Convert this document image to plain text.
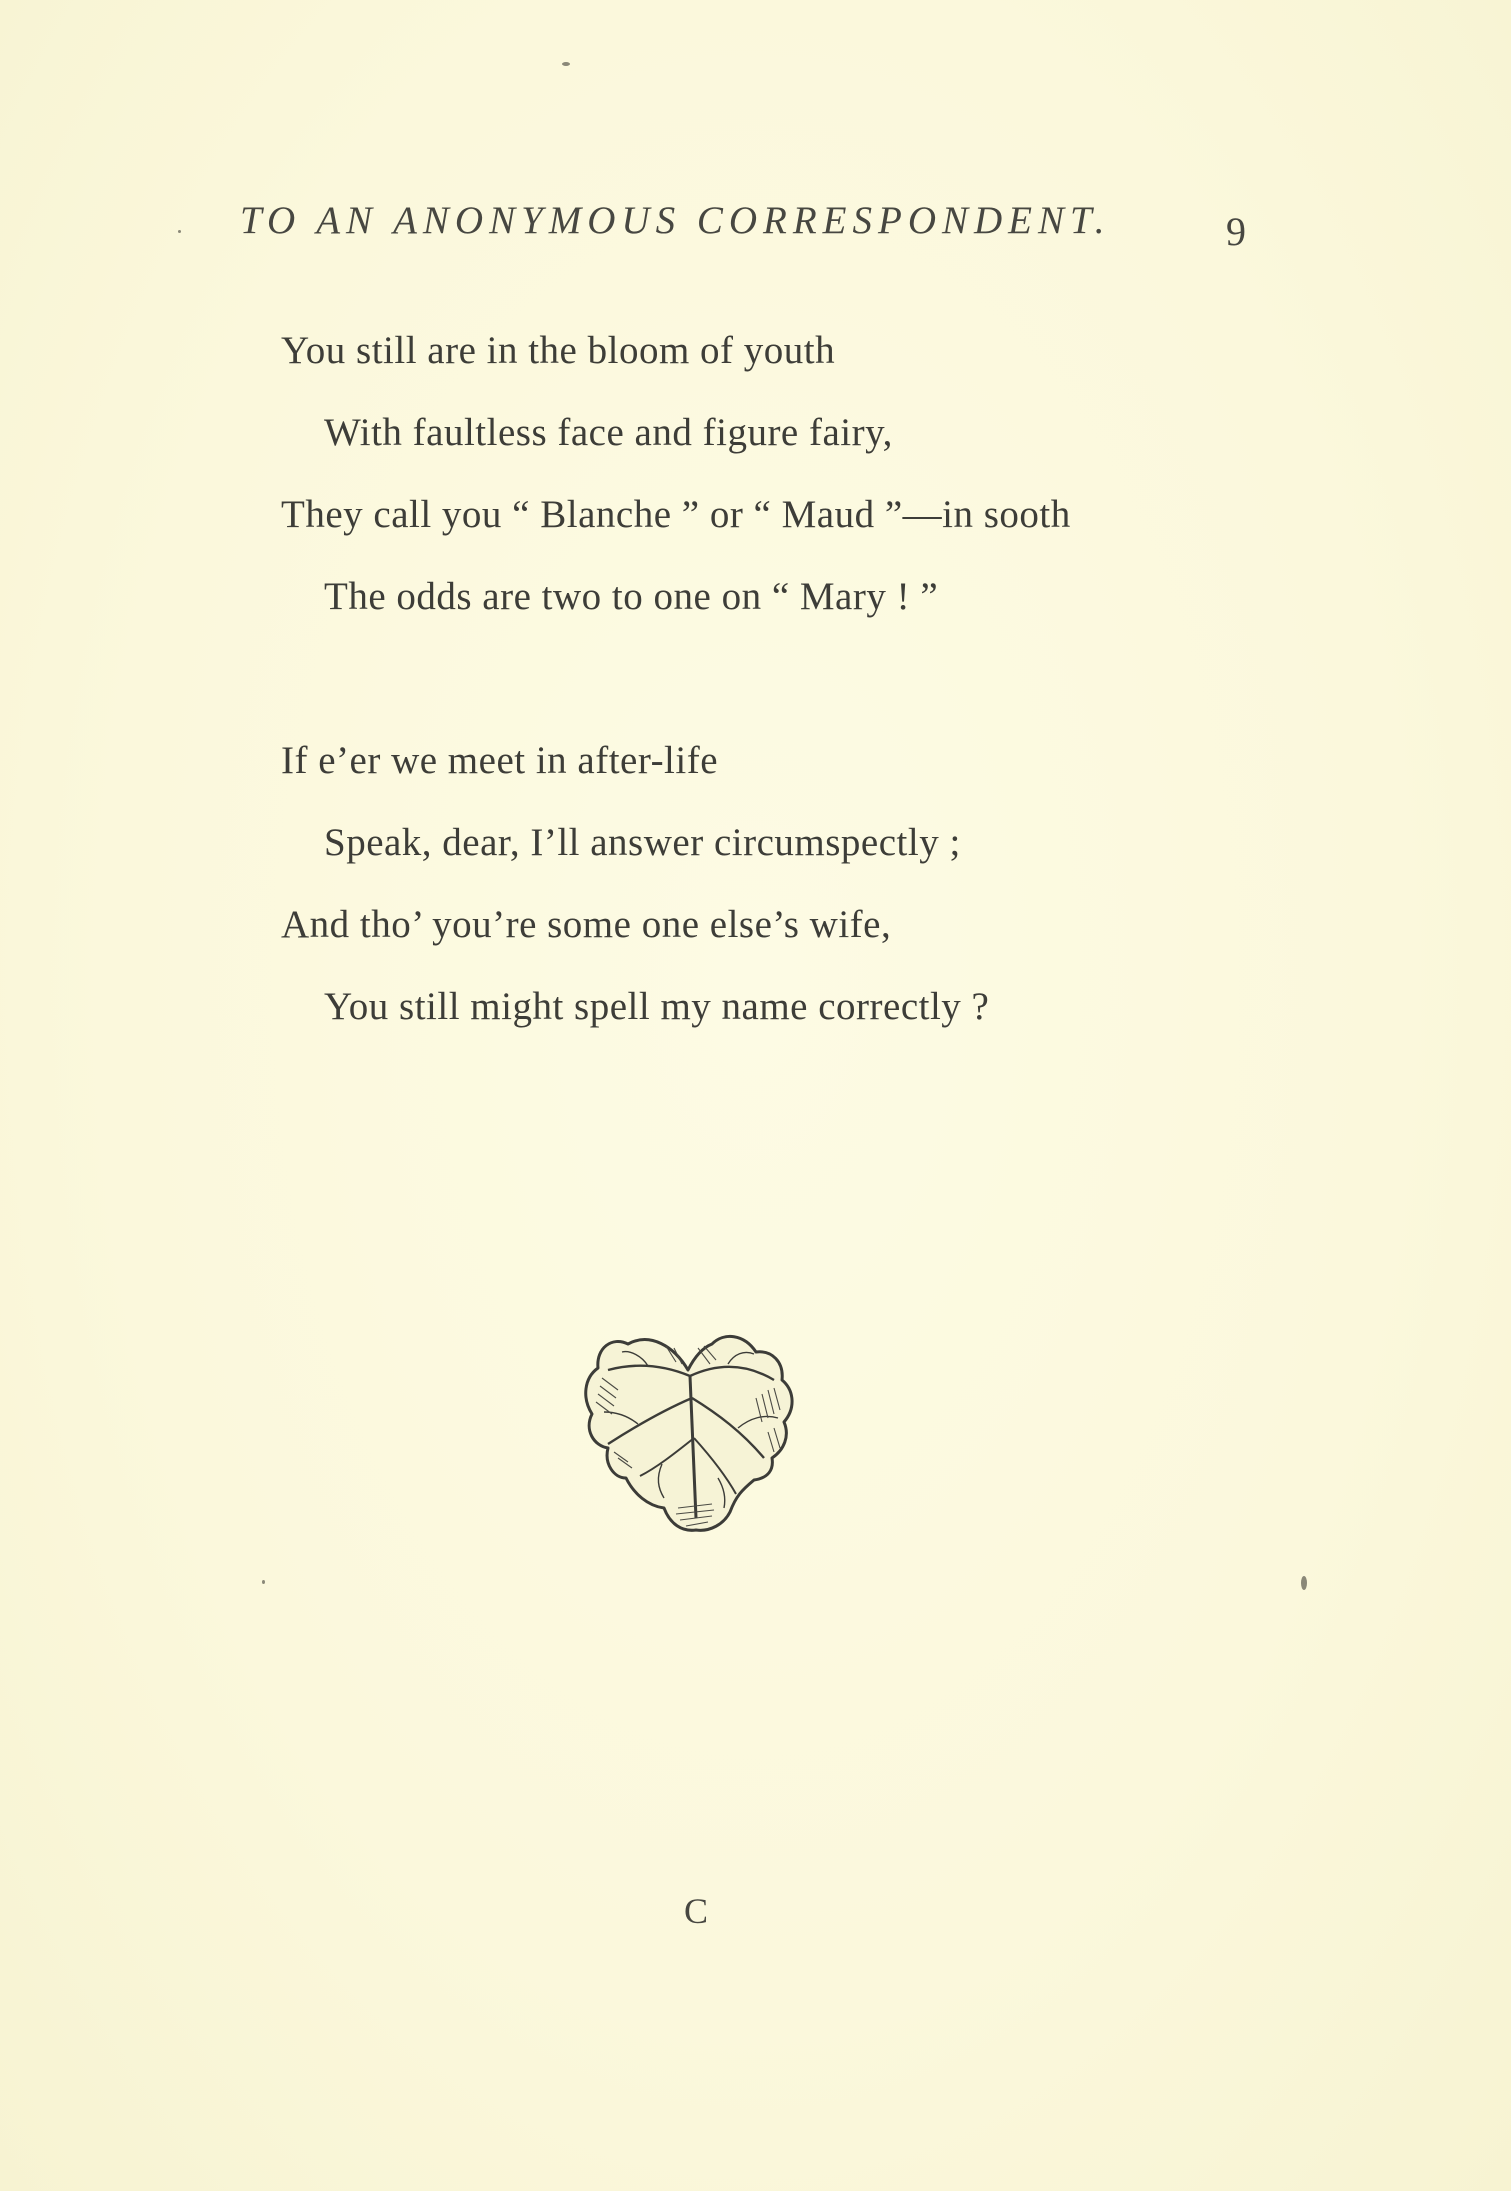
TO AN ANONYMOUS CORRESPONDENT.	9
You still are in the bloom of youth
With faultless face and figure fairy,
They call you “ Blanche ” or “ Maud ”—in sooth
The odds are two to one on “ Mary ! ”
If e’er we meet in after-life
Speak, dear, I’ll answer circumspectly ;
And tho’ you’re some one else’s wife,
You still might spell my name correctly ?
C
